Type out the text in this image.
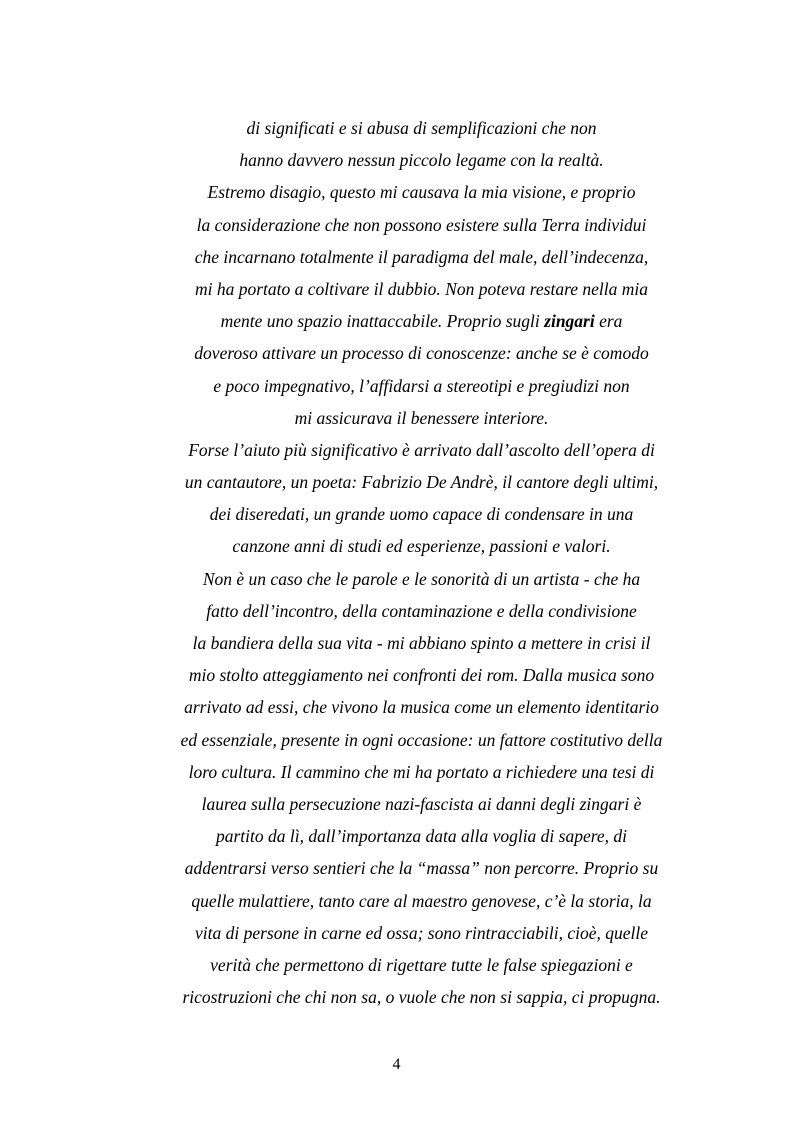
di significati e si abusa di semplificazioni che non
hanno davvero nessun piccolo legame con la realtà.
Estremo disagio, questo mi causava la mia visione, e proprio
la considerazione che non possono esistere sulla Terra individui
che incarnano totalmente il paradigma del male, dell’indecenza,
mi ha portato a coltivare il dubbio. Non poteva restare nella mia
mente uno spazio inattaccabile. Proprio sugli zingari era
doveroso attivare un processo di conoscenze: anche se è comodo
e poco impegnativo, l’affidarsi a stereotipi e pregiudizi non
mi assicurava il benessere interiore.
Forse l’aiuto più significativo è arrivato dall’ascolto dell’opera di
un cantautore, un poeta: Fabrizio De Andrè, il cantore degli ultimi,
dei diseredati, un grande uomo capace di condensare in una
canzone anni di studi ed esperienze, passioni e valori.
Non è un caso che le parole e le sonorità di un artista - che ha
fatto dell’incontro, della contaminazione e della condivisione
la bandiera della sua vita - mi abbiano spinto a mettere in crisi il
mio stolto atteggiamento nei confronti dei rom. Dalla musica sono
arrivato ad essi, che vivono la musica come un elemento identitario
ed essenziale, presente in ogni occasione: un fattore costitutivo della
loro cultura. Il cammino che mi ha portato a richiedere una tesi di
laurea sulla persecuzione nazi-fascista ai danni degli zingari è
partito da lì, dall’importanza data alla voglia di sapere, di
addentrarsi verso sentieri che la “massa” non percorre. Proprio su
quelle mulattiere, tanto care al maestro genovese, c’è la storia, la
vita di persone in carne ed ossa; sono rintracciabili, cioè, quelle
verità che permettono di rigettare tutte le false spiegazioni e
ricostruzioni che chi non sa, o vuole che non si sappia, ci propugna.
4
